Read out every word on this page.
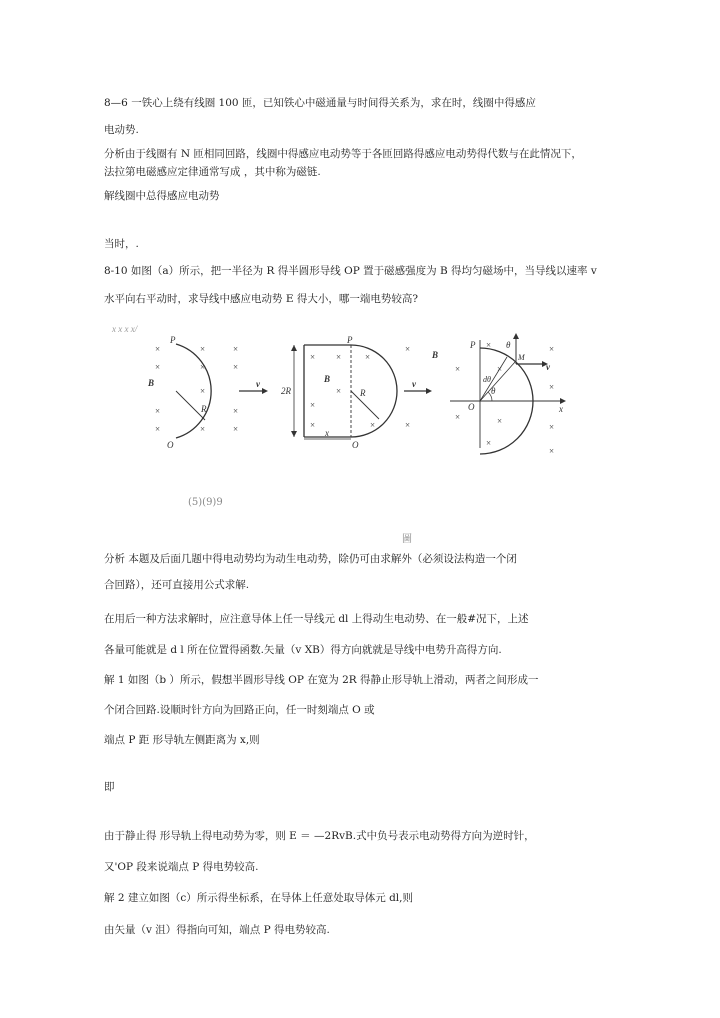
8—6 一铁心上绕有线圈 100 匝，已知铁心中磁通量与时间得关系为，求在时，线圈中得感应
电动势.
分析由于线圈有 N 匝相同回路，线圈中得感应电动势等于各匝回路得感应电动势得代数与在此情况下，
法拉第电磁感应定律通常写成 ，其中称为磁链.
解线圈中总得感应电动势
当时，.
8-10 如图（a）所示，把一半径为 R 得半圆形导线 OP 置于磁感强度为 B 得均匀磁场中，当导线以速率 v
水平向右平动时，求导线中感应电动势 E 得大小，哪一端电势较高?
x x x x/
P
O
B
R
v
×	×	×
×	×	×
×
×	×
×	×	×
P
O
B
R
v
2R
x
× ×	×
×
×
×
×	×	×
P
O
B
v
θ
θ
dθ
M
x
×
×	×
×
×
×	×
×
×
×
(5)(9)9
圖
分析 本题及后面几题中得电动势均为动生电动势，除仍可由求解外（必须设法构造一个闭
合回路），还可直接用公式求解.
在用后一种方法求解时，应注意导体上任一导线元 dl 上得动生电动势、在一般#况下，上述
各量可能就是 d l 所在位置得函数.矢量（v XB）得方向就就是导线中电势升高得方向.
解 1 如图（b ）所示，假想半圆形导线 OP 在宽为 2R 得静止形导轨上滑动，两者之间形成一
个闭合回路.设顺时针方向为回路正向，任一时刻端点 O 或
端点 P 距 形导轨左侧距离为 x,则
即
由于静止得 形导轨上得电动势为零，则 E ＝ —2RvB.式中负号表示电动势得方向为逆时针，
又'OP 段来说端点 P 得电势较高.
解 2 建立如图（c）所示得坐标系，在导体上任意处取导体元 dl,则
由矢量（v 沮）得指向可知，端点 P 得电势较高.
